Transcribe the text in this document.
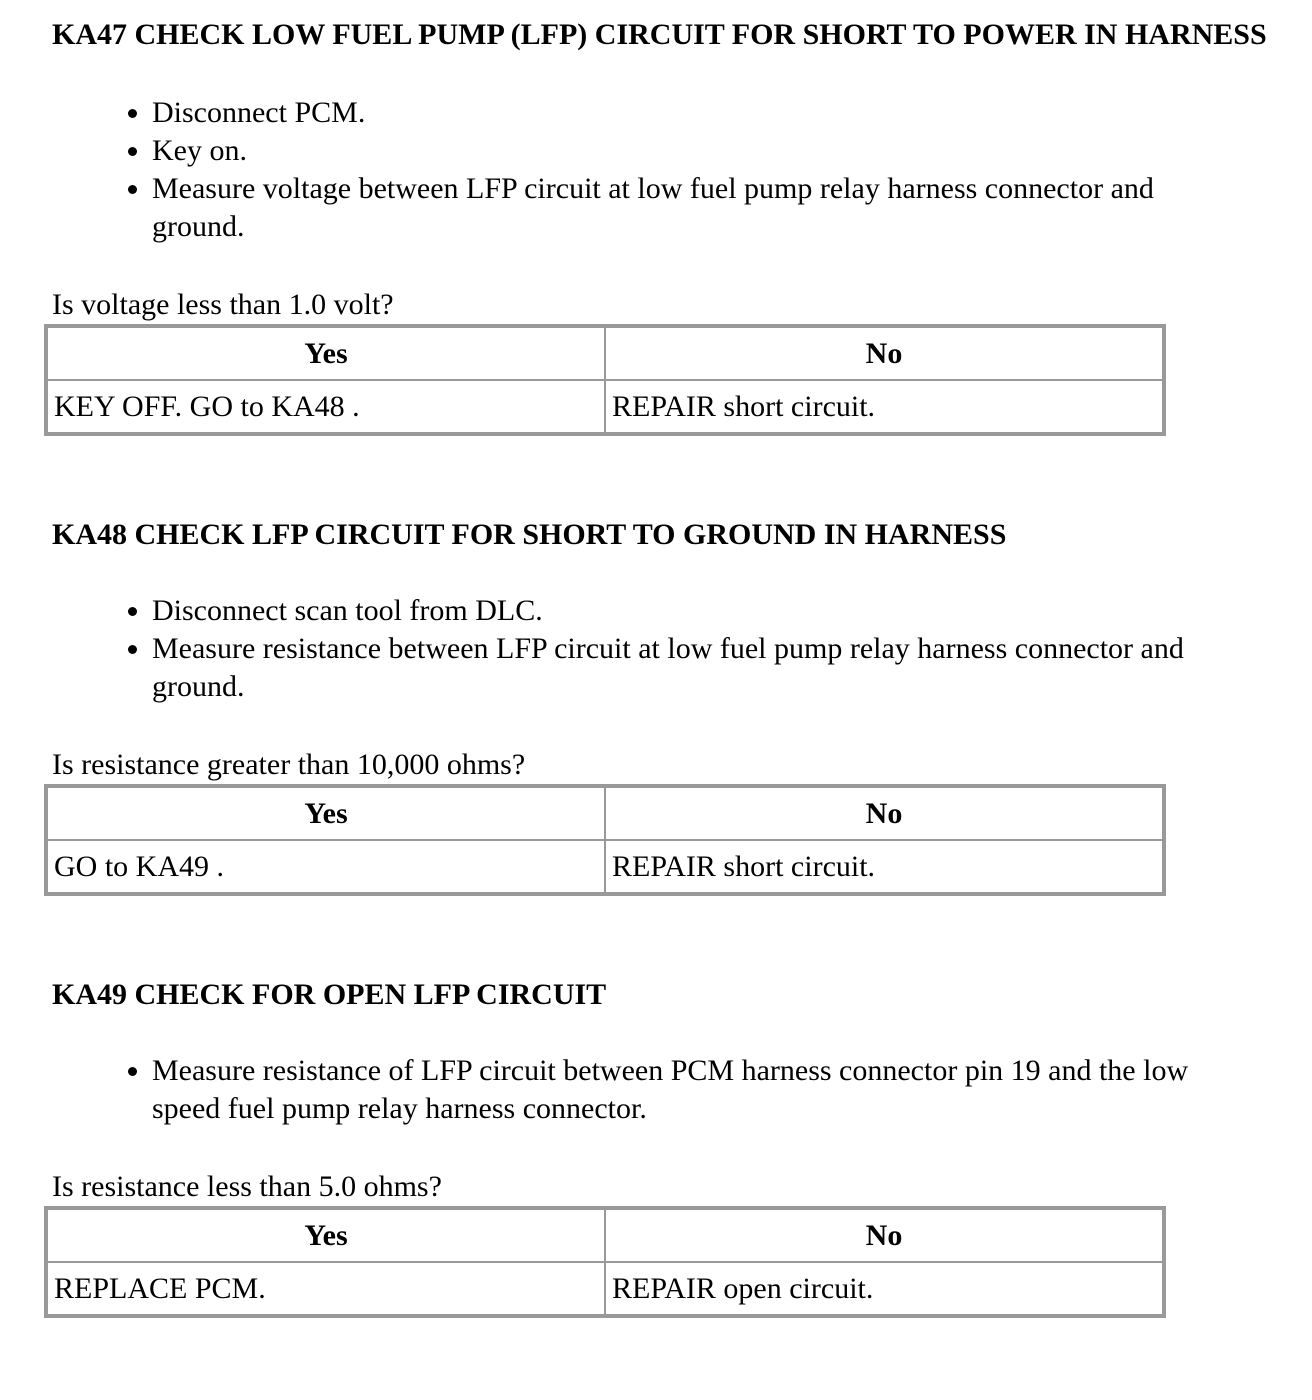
KA47 CHECK LOW FUEL PUMP (LFP) CIRCUIT FOR SHORT TO POWER IN HARNESS
• Disconnect PCM.
• Key on.
• Measure voltage between LFP circuit at low fuel pump relay harness connector and ground.
Is voltage less than 1.0 volt?
Yes	No
KEY OFF. GO to KA48 .	REPAIR short circuit.
KA48 CHECK LFP CIRCUIT FOR SHORT TO GROUND IN HARNESS
• Disconnect scan tool from DLC.
• Measure resistance between LFP circuit at low fuel pump relay harness connector and ground.
Is resistance greater than 10,000 ohms?
Yes	No
GO to KA49 .	REPAIR short circuit.
KA49 CHECK FOR OPEN LFP CIRCUIT
• Measure resistance of LFP circuit between PCM harness connector pin 19 and the low speed fuel pump relay harness connector.
Is resistance less than 5.0 ohms?
Yes	No
REPLACE PCM.	REPAIR open circuit.
